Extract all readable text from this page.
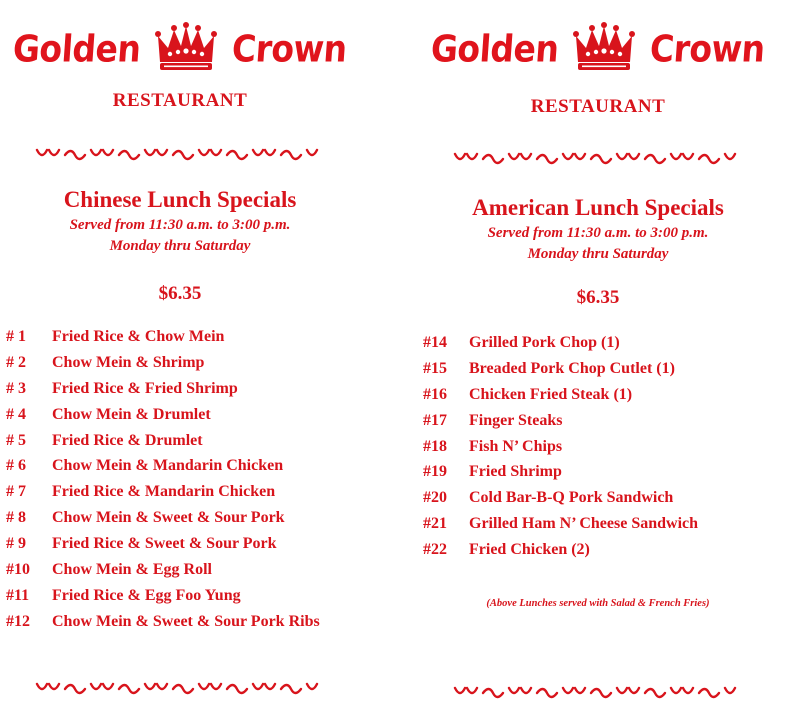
Golden	Crown
RESTAURANT
Chinese Lunch Specials
Served from 11:30 a.m. to 3:00 p.m.
Monday thru Saturday
$6.35
# 1	Fried Rice & Chow Mein
# 2	Chow Mein & Shrimp
# 3	Fried Rice & Fried Shrimp
# 4	Chow Mein & Drumlet
# 5	Fried Rice & Drumlet
# 6	Chow Mein & Mandarin Chicken
# 7	Fried Rice & Mandarin Chicken
# 8	Chow Mein & Sweet & Sour Pork
# 9	Fried Rice & Sweet & Sour Pork
#10	Chow Mein & Egg Roll
#11	Fried Rice & Egg Foo Yung
#12	Chow Mein & Sweet & Sour Pork Ribs
Golden	Crown
RESTAURANT
American Lunch Specials
Served from 11:30 a.m. to 3:00 p.m.
Monday thru Saturday
$6.35
#14	Grilled Pork Chop (1)
#15	Breaded Pork Chop Cutlet (1)
#16	Chicken Fried Steak (1)
#17	Finger Steaks
#18	Fish N’ Chips
#19	Fried Shrimp
#20	Cold Bar-B-Q Pork Sandwich
#21	Grilled Ham N’ Cheese Sandwich
#22	Fried Chicken (2)
(Above Lunches served with Salad & French Fries)
